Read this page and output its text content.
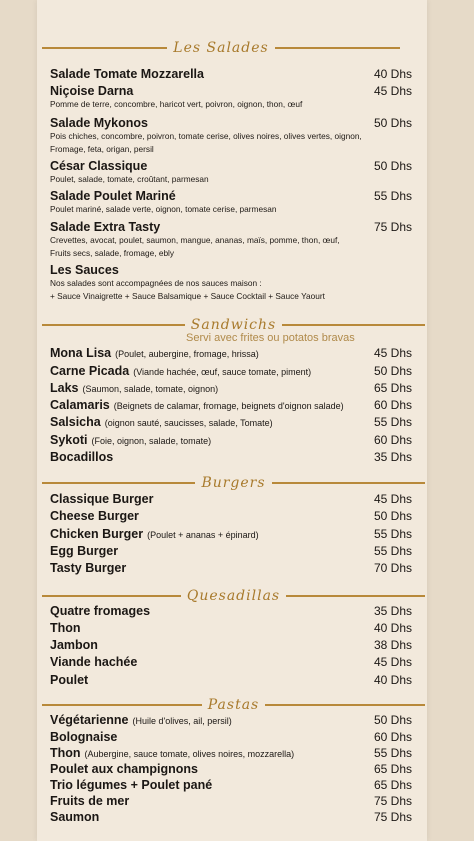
Les Salades
Salade Tomate Mozzarella	40 Dhs
Niçoise Darna	45 Dhs
Pomme de terre, concombre, haricot vert, poivron, oignon, thon, œuf
Salade Mykonos	50 Dhs
Pois chiches, concombre, poivron, tomate cerise, olives noires, olives vertes, oignon,
Fromage, feta, origan, persil
César Classique	50 Dhs
Poulet, salade, tomate, croûtant, parmesan
Salade Poulet Mariné	55 Dhs
Poulet mariné, salade verte, oignon, tomate cerise, parmesan
Salade Extra Tasty	75 Dhs
Crevettes, avocat, poulet, saumon, mangue, ananas, maïs, pomme, thon, œuf,
Fruits secs, salade, fromage, ebly
Les Sauces
Nos salades sont accompagnées de nos sauces maison :
+ Sauce Vinaigrette + Sauce Balsamique + Sauce Cocktail + Sauce Yaourt
Sandwichs
Servi avec frites ou potatos bravas
Mona Lisa (Poulet, aubergine, fromage, hrissa)	45 Dhs
Carne Picada (Viande hachée, œuf, sauce tomate, piment)	50 Dhs
Laks (Saumon, salade, tomate, oignon)	65 Dhs
Calamaris (Beignets de calamar, fromage, beignets d'oignon salade)	60 Dhs
Salsicha (oignon sauté, saucisses, salade, Tomate)	55 Dhs
Sykoti (Foie, oignon, salade, tomate)	60 Dhs
Bocadillos	35 Dhs
Burgers
Classique Burger	45 Dhs
Cheese Burger	50 Dhs
Chicken Burger (Poulet + ananas + épinard)	55 Dhs
Egg Burger	55 Dhs
Tasty Burger	70 Dhs
Quesadillas
Quatre fromages	35 Dhs
Thon	40 Dhs
Jambon	38 Dhs
Viande hachée	45 Dhs
Poulet	40 Dhs
Pastas
Végétarienne (Huile d'olives, ail, persil)	50 Dhs
Bolognaise	60 Dhs
Thon (Aubergine, sauce tomate, olives noires, mozzarella)	55 Dhs
Poulet aux champignons	65 Dhs
Trio légumes + Poulet pané	65 Dhs
Fruits de mer	75 Dhs
Saumon	75 Dhs
